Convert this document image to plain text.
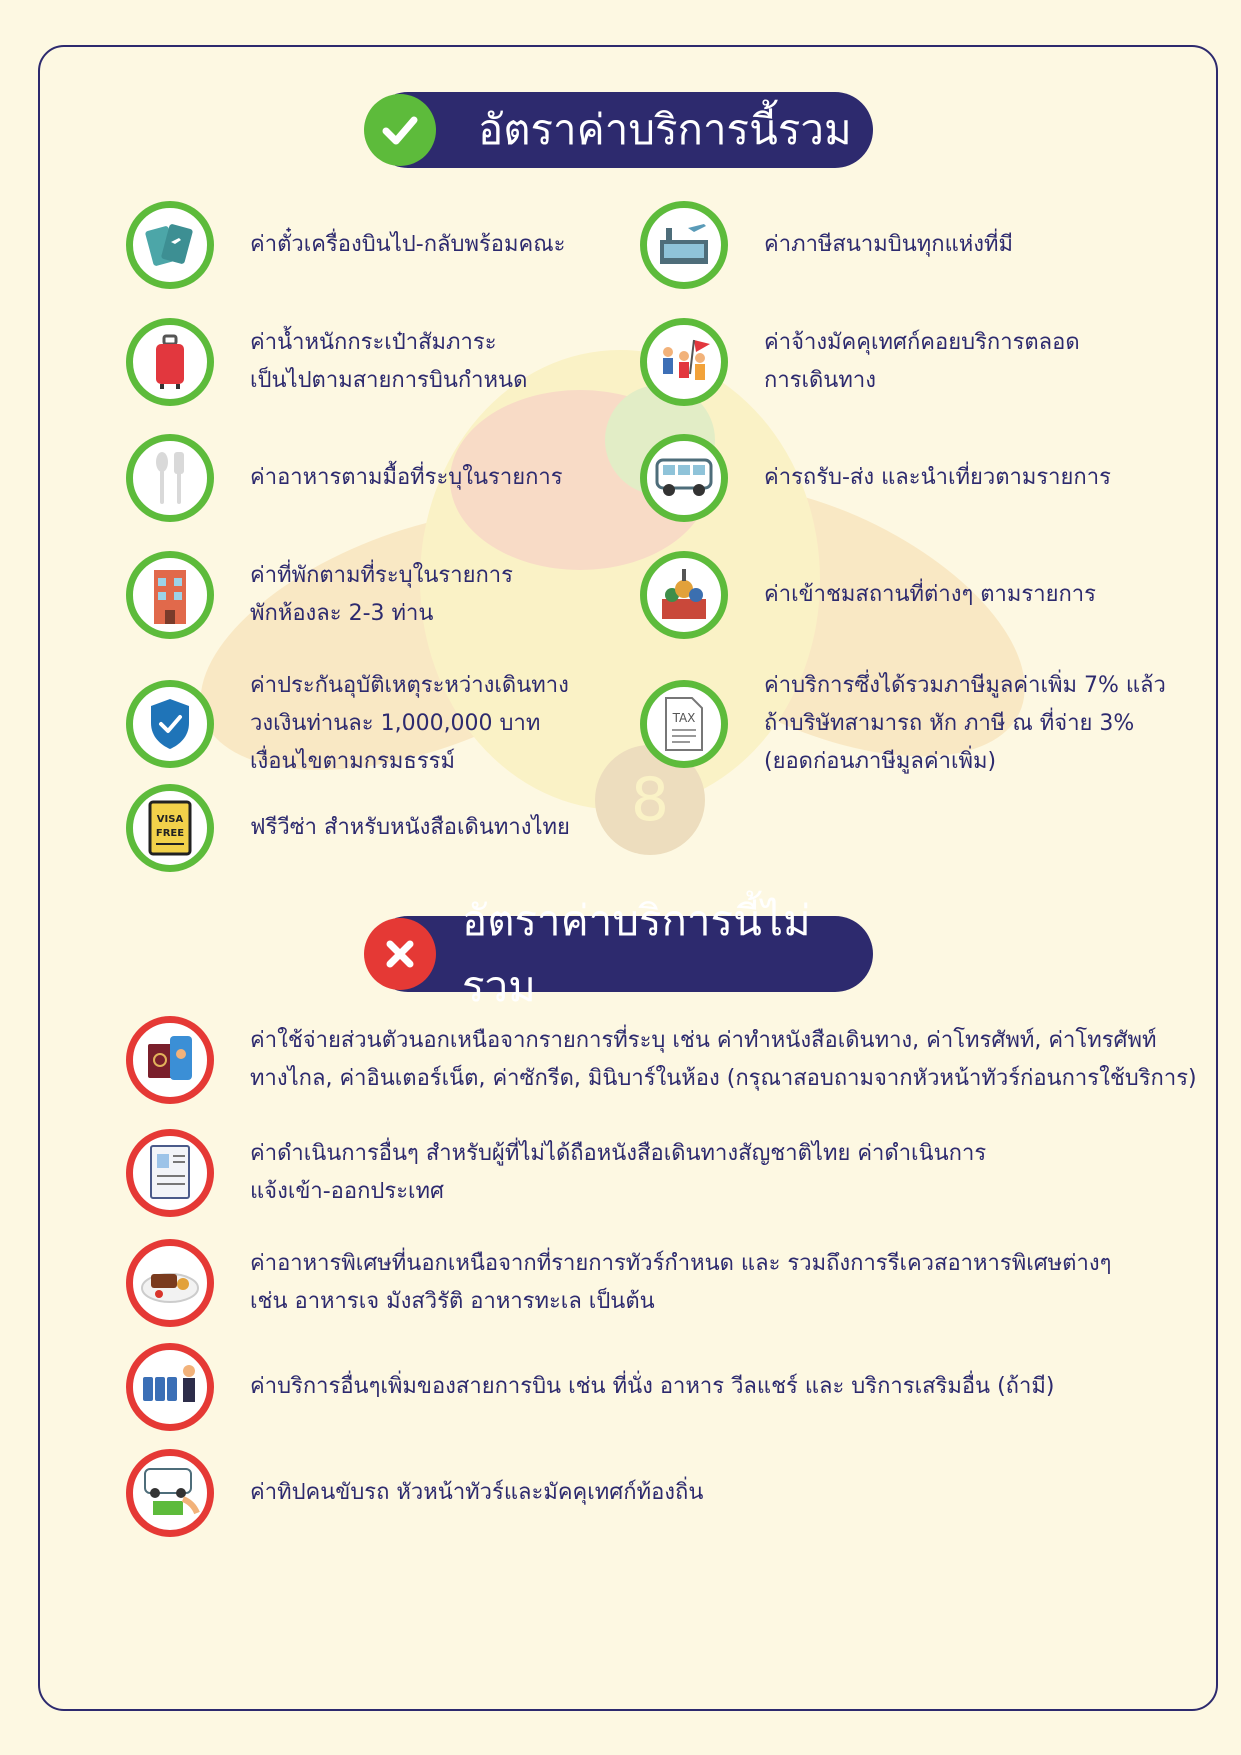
8
อัตราค่าบริการนี้รวม
ค่าตั๋วเครื่องบินไป-กลับพร้อมคณะ	ค่าภาษีสนามบินทุกแห่งที่มี
ค่าน้ำหนักกระเป๋าสัมภาระ
เป็นไปตามสายการบินกำหนด
ค่าจ้างมัคคุเทศก์คอยบริการตลอด
การเดินทาง
ค่าอาหารตามมื้อที่ระบุในรายการ	ค่ารถรับ-ส่ง และนำเที่ยวตามรายการ
ค่าที่พักตามที่ระบุในรายการ
พักห้องละ 2-3 ท่าน
ค่าเข้าชมสถานที่ต่างๆ ตามรายการ
ค่าประกันอุบัติเหตุระหว่างเดินทาง
วงเงินท่านละ 1,000,000 บาท
เงื่อนไขตามกรมธรรม์
TAX
ค่าบริการซึ่งได้รวมภาษีมูลค่าเพิ่ม 7% แล้ว
ถ้าบริษัทสามารถ หัก ภาษี ณ ที่จ่าย 3%
(ยอดก่อนภาษีมูลค่าเพิ่ม)
VISA
FREE	ฟรีวีซ่า สำหรับหนังสือเดินทางไทย
อัตราค่าบริการนี้ไม่รวม
ค่าใช้จ่ายส่วนตัวนอกเหนือจากรายการที่ระบุ เช่น ค่าทำหนังสือเดินทาง, ค่าโทรศัพท์, ค่าโทรศัพท์
ทางไกล, ค่าอินเตอร์เน็ต, ค่าซักรีด, มินิบาร์ในห้อง (กรุณาสอบถามจากหัวหน้าทัวร์ก่อนการใช้บริการ)
ค่าดำเนินการอื่นๆ สำหรับผู้ที่ไม่ได้ถือหนังสือเดินทางสัญชาติไทย ค่าดำเนินการ
แจ้งเข้า-ออกประเทศ
ค่าอาหารพิเศษที่นอกเหนือจากที่รายการทัวร์กำหนด และ รวมถึงการรีเควสอาหารพิเศษต่างๆ
เช่น อาหารเจ มังสวิรัติ อาหารทะเล เป็นต้น
ค่าบริการอื่นๆเพิ่มของสายการบิน เช่น ที่นั่ง อาหาร วีลแชร์ และ บริการเสริมอื่น (ถ้ามี)
ค่าทิปคนขับรถ หัวหน้าทัวร์และมัคคุเทศก์ท้องถิ่น
